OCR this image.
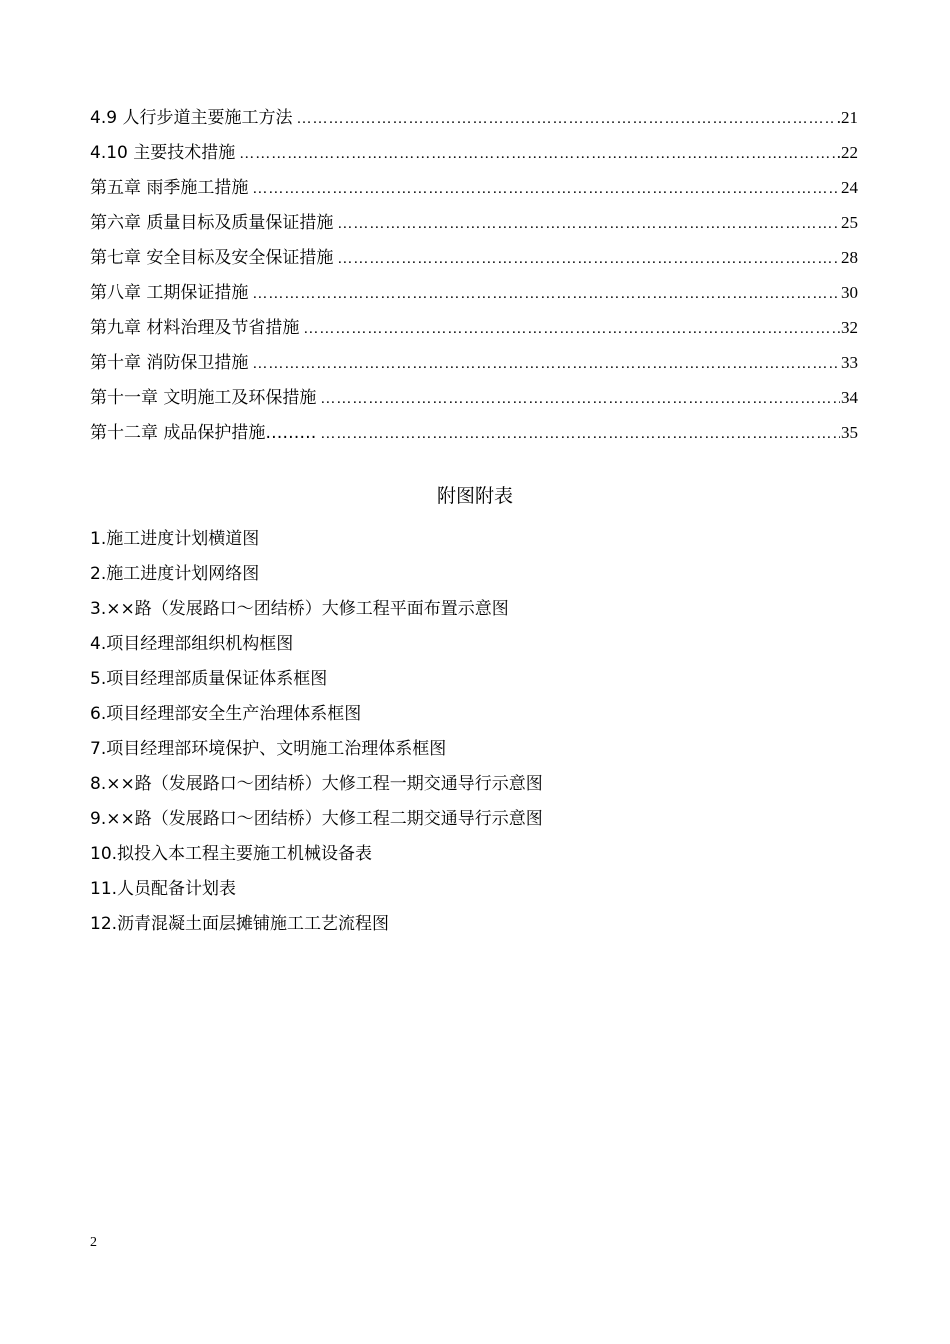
4.9 人行步道主要施工方法 ……………………………………………………………………………………………………………………………………………………………………………………	.21
4.10 主要技术措施 ……………………………………………………………………………………………………………………………………………………………………………………	.22
第五章 雨季施工措施 ……………………………………………………………………………………………………………………………………………………………………………………	24
第六章 质量目标及质量保证措施 ……………………………………………………………………………………………………………………………………………………………………………………	25
第七章 安全目标及安全保证措施 ……………………………………………………………………………………………………………………………………………………………………………………	28
第八章 工期保证措施 ……………………………………………………………………………………………………………………………………………………………………………………	30
第九章 材料治理及节省措施 ……………………………………………………………………………………………………………………………………………………………………………………	32
第十章 消防保卫措施 ……………………………………………………………………………………………………………………………………………………………………………………	33
第十一章 文明施工及环保措施 ……………………………………………………………………………………………………………………………………………………………………………………	34
第十二章 成品保护措施……… ……………………………………………………………………………………………………………………………………………………………………………………	35
附图附表
1.施工进度计划横道图
2.施工进度计划网络图
3.××路（发展路口～团结桥）大修工程平面布置示意图
4.项目经理部组织机构框图
5.项目经理部质量保证体系框图
6.项目经理部安全生产治理体系框图
7.项目经理部环境保护、文明施工治理体系框图
8.××路（发展路口～团结桥）大修工程一期交通导行示意图
9.××路（发展路口～团结桥）大修工程二期交通导行示意图
10.拟投入本工程主要施工机械设备表
11.人员配备计划表
12.沥青混凝土面层摊铺施工工艺流程图
2
